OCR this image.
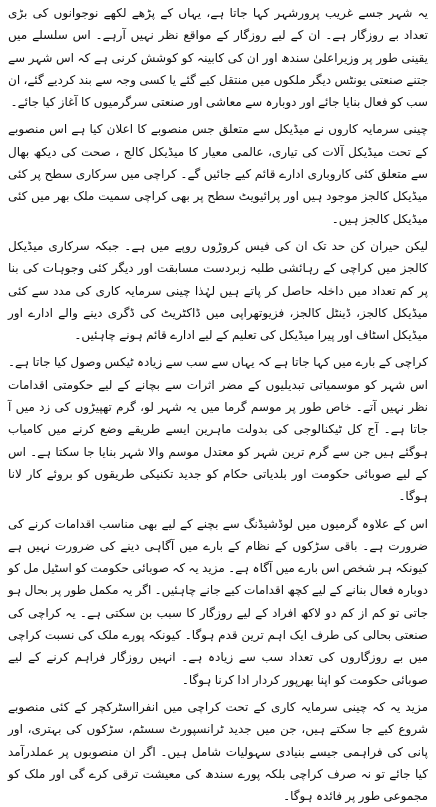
یہ شہر جسے غریب پرورشہر کہا جاتا ہے، یہاں کے پڑھے لکھے نوجوانوں کی بڑی تعداد بے روزگار ہے۔ ان کے لیے روزگار کے مواقع نظر نہیں آرہے۔ اس سلسلے میں یقینی طور پر وزیراعلیٰ سندھ اور ان کی کابینہ کو کوشش کرنی ہے کہ اس شہر سے جتنے صنعتی یونٹس دیگر ملکوں میں منتقل کیے گئے یا کسی وجہ سے بند کردیے گئے، ان سب کو فعال بنایا جائے اور دوبارہ سے معاشی اور صنعتی سرگرمیوں کا آغاز کیا جائے۔

چینی سرمایہ کاروں نے میڈیکل سے متعلق جس منصوبے کا اعلان کیا ہے اس منصوبے کے تحت میڈیکل آلات کی تیاری، عالمی معیار کا میڈیکل کالج ، صحت کی دیکھ بھال سے متعلق کئی کاروباری ادارے قائم کیے جائیں گے۔ کراچی میں سرکاری سطح پر کئی میڈیکل کالجز موجود ہیں اور پرائیویٹ سطح پر بھی کراچی سمیت ملک بھر میں کئی میڈیکل کالجز ہیں۔

لیکن حیران کن حد تک ان کی فیس کروڑوں روپے میں ہے۔ جبکہ سرکاری میڈیکل کالجز میں کراچی کے رہائشی طلبہ زبردست مسابقت اور دیگر کئی وجوہات کی بنا پر کم تعداد میں داخلہ حاصل کر پاتے ہیں لہٰذا چینی سرمایہ کاری کی مدد سے کئی میڈیکل کالجز، ڈینٹل کالجز، فزیوتھراپی میں ڈاکٹریٹ کی ڈگری دینے والے ادارے اور میڈیکل اسٹاف اور پیرا میڈیکل کی تعلیم کے لیے ادارے قائم ہونے چاہئیں۔

کراچی کے بارے میں کہا جاتا ہے کہ یہاں سے سب سے زیادہ ٹیکس وصول کیا جاتا ہے۔ اس شہر کو موسمیاتی تبدیلیوں کے مضر اثرات سے بچانے کے لیے حکومتی اقدامات نظر نہیں آتے۔ خاص طور پر موسم گرما میں یہ شہر لو، گرم تھپیڑوں کی زد میں آ جاتا ہے۔ آج کل ٹیکنالوجی کی بدولت ماہرین ایسے طریقے وضع کرنے میں کامیاب ہوگئے ہیں جن سے گرم ترین شہر کو معتدل موسم والا شہر بنایا جا سکتا ہے۔ اس کے لیے صوبائی حکومت اور بلدیاتی حکام کو جدید تکنیکی طریقوں کو بروئے کار لانا ہوگا۔

اس کے علاوہ گرمیوں میں لوڈشیڈنگ سے بچنے کے لیے بھی مناسب اقدامات کرنے کی ضرورت ہے۔ باقی سڑکوں کے نظام کے بارے میں آگاہی دینے کی ضرورت نہیں ہے کیونکہ ہر شخص اس بارے میں آگاہ ہے۔ مزید یہ کہ صوبائی حکومت کو اسٹیل مل کو دوبارہ فعال بنانے کے لیے کچھ اقدامات کیے جانے چاہئیں۔ اگر یہ مکمل طور پر بحال ہو جاتی تو کم از کم دو لاکھ افراد کے لیے روزگار کا سبب بن سکتی ہے۔ یہ کراچی کی صنعتی بحالی کی طرف ایک اہم ترین قدم ہوگا۔ کیونکہ پورے ملک کی نسبت کراچی میں بے روزگاروں کی تعداد سب سے زیادہ ہے۔ انہیں روزگار فراہم کرنے کے لیے صوبائی حکومت کو اپنا بھرپور کردار ادا کرنا ہوگا۔

مزید یہ کہ چینی سرمایہ کاری کے تحت کراچی میں انفرااسٹرکچر کے کئی منصوبے شروع کیے جا سکتے ہیں، جن میں جدید ٹرانسپورٹ سسٹم، سڑکوں کی بہتری، اور پانی کی فراہمی جیسے بنیادی سہولیات شامل ہیں۔ اگر ان منصوبوں پر عملدرآمد کیا جائے تو نہ صرف کراچی بلکہ پورے سندھ کی معیشت ترقی کرے گی اور ملک کو مجموعی طور پر فائدہ ہوگا۔
